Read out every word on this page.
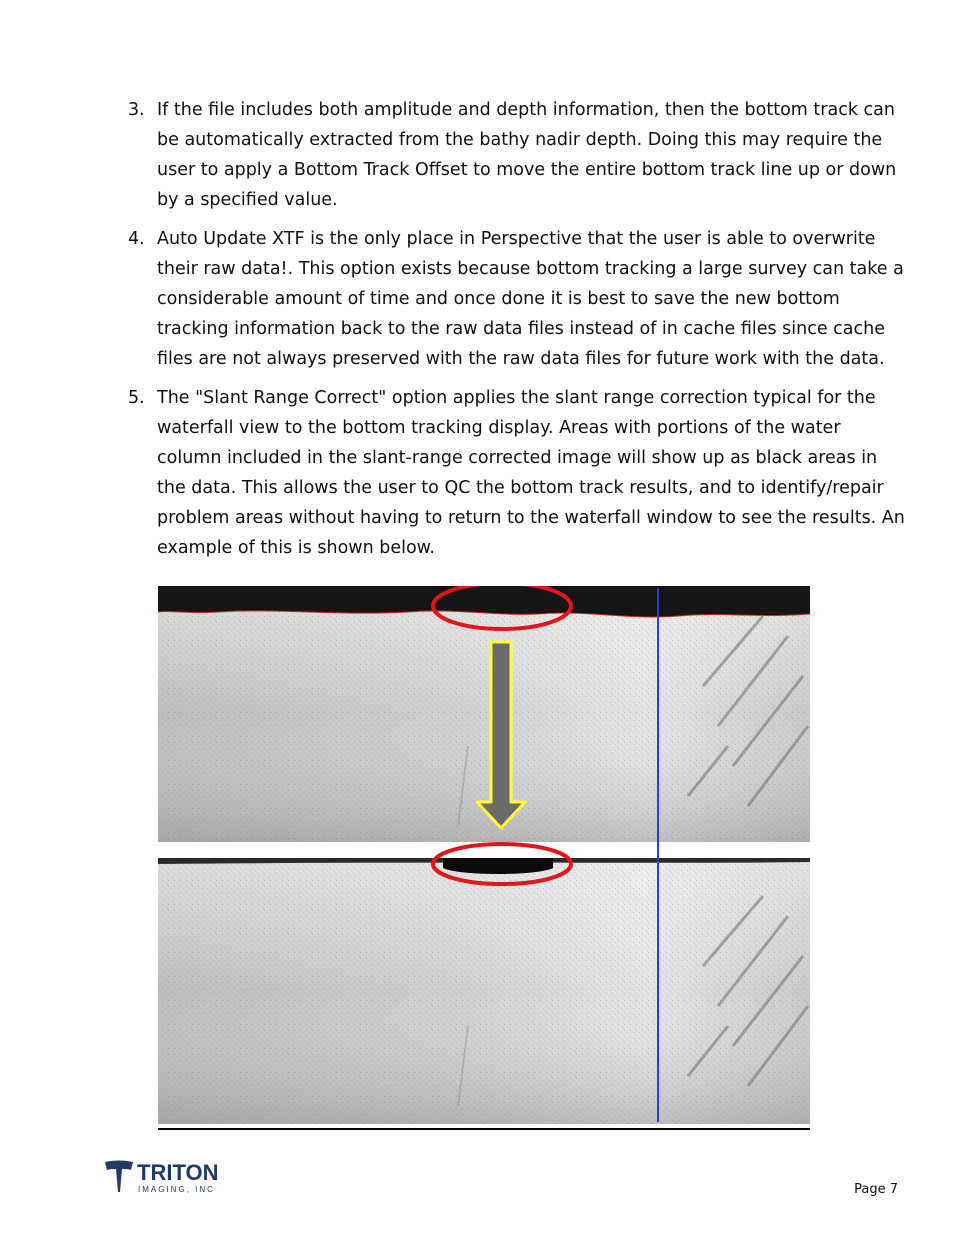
3. If the file includes both amplitude and depth information, then the bottom track can be automatically extracted from the bathy nadir depth. Doing this may require the user to apply a Bottom Track Offset to move the entire bottom track line up or down by a specified value.
4. Auto Update XTF is the only place in Perspective that the user is able to overwrite their raw data!. This option exists because bottom tracking a large survey can take a considerable amount of time and once done it is best to save the new bottom tracking information back to the raw data files instead of in cache files since cache files are not always preserved with the raw data files for future work with the data.
5. The "Slant Range Correct" option applies the slant range correction typical for the waterfall view to the bottom tracking display. Areas with portions of the water column included in the slant-range corrected image will show up as black areas in the data. This allows the user to QC the bottom track results, and to identify/repair problem areas without having to return to the waterfall window to see the results. An example of this is shown below.
TRITON
IMAGING, INC	Page 7
